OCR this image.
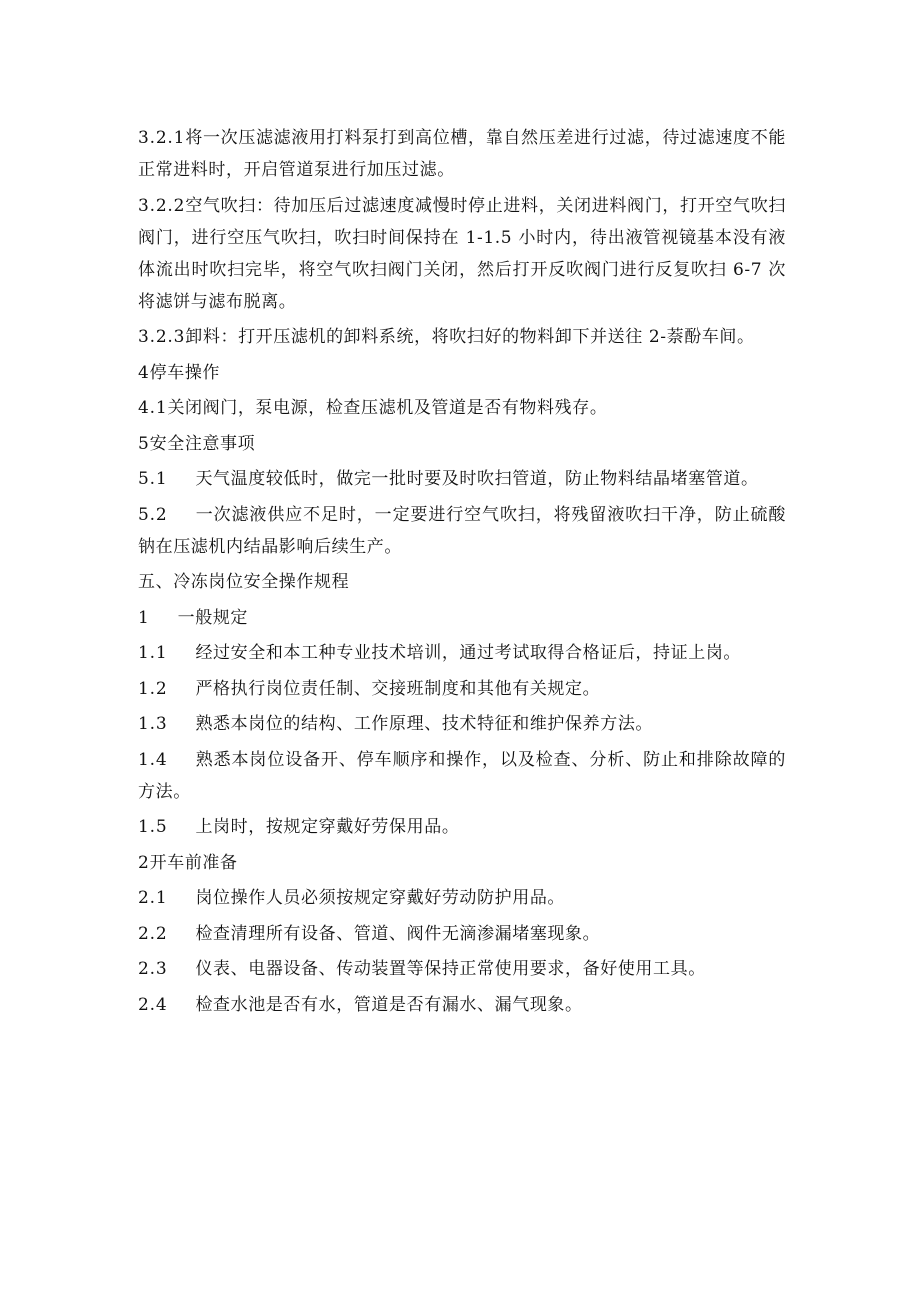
3.2.1将一次压滤滤液用打料泵打到高位槽，靠自然压差进行过滤，待过滤速度不能正常进料时，开启管道泵进行加压过滤。

3.2.2空气吹扫：待加压后过滤速度减慢时停止进料，关闭进料阀门，打开空气吹扫阀门，进行空压气吹扫，吹扫时间保持在 1-1.5 小时内，待出液管视镜基本没有液体流出时吹扫完毕，将空气吹扫阀门关闭，然后打开反吹阀门进行反复吹扫 6-7 次将滤饼与滤布脱离。

3.2.3卸料：打开压滤机的卸料系统，将吹扫好的物料卸下并送往 2-萘酚车间。

4停车操作

4.1关闭阀门，泵电源，检查压滤机及管道是否有物料残存。

5安全注意事项

5.1 天气温度较低时，做完一批时要及时吹扫管道，防止物料结晶堵塞管道。

5.2 一次滤液供应不足时，一定要进行空气吹扫，将残留液吹扫干净，防止硫酸钠在压滤机内结晶影响后续生产。

五、冷冻岗位安全操作规程

1 一般规定

1.1 经过安全和本工种专业技术培训，通过考试取得合格证后，持证上岗。

1.2 严格执行岗位责任制、交接班制度和其他有关规定。

1.3 熟悉本岗位的结构、工作原理、技术特征和维护保养方法。

1.4 熟悉本岗位设备开、停车顺序和操作，以及检查、分析、防止和排除故障的方法。

1.5 上岗时，按规定穿戴好劳保用品。

2开车前准备

2.1 岗位操作人员必须按规定穿戴好劳动防护用品。

2.2 检查清理所有设备、管道、阀件无滴渗漏堵塞现象。

2.3 仪表、电器设备、传动装置等保持正常使用要求，备好使用工具。

2.4 检查水池是否有水，管道是否有漏水、漏气现象。
